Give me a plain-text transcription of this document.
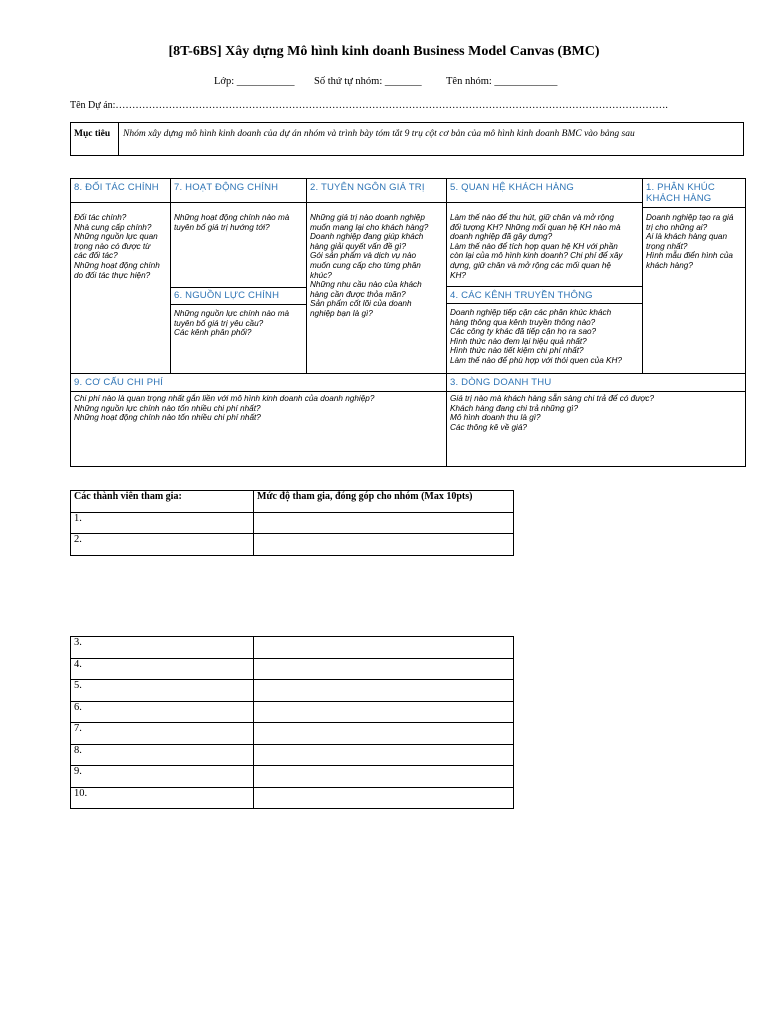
[8T-6BS] Xây dựng Mô hình kinh doanh Business Model Canvas (BMC)
Lớp: ___________ Số thứ tự nhóm: _______ Tên nhóm: ____________
Tên Dự án:………………………………………………………………………………………………………………………………………………….
Mục tiêu	Nhóm xây dựng mô hình kinh doanh của dự án nhóm và trình bày tóm tắt 9 trụ cột cơ bản của mô hình kinh doanh BMC vào bảng sau
8. ĐỐI TÁC CHÍNH
Đối tác chính?
Nhà cung cấp chính?
Những nguồn lực quan
trọng nào có được từ
các đối tác?
Những hoạt động chính
do đối tác thực hiện?
7. HOẠT ĐỘNG CHÍNH
Những hoạt động chính nào mà
tuyên bố giá trị hướng tới?
6. NGUỒN LỰC CHÍNH
Những nguồn lực chính nào mà
tuyên bố giá trị yêu cầu?
Các kênh phân phối?
2. TUYÊN NGÔN GIÁ TRỊ
Những giá trị nào doanh nghiệp
muốn mang lại cho khách hàng?
Doanh nghiệp đang giúp khách
hàng giải quyết vấn đề gì?
Gói sản phẩm và dịch vụ nào
muốn cung cấp cho từng phân
khúc?
Những nhu cầu nào của khách
hàng cần được thỏa mãn?
Sản phẩm cốt lõi của doanh
nghiệp bạn là gì?
5. QUAN HỆ KHÁCH HÀNG
Làm thế nào để thu hút, giữ chân và mở rộng
đối tượng KH? Những mối quan hệ KH nào mà
doanh nghiệp đã gây dựng?
Làm thế nào để tích hợp quan hệ KH với phần
còn lại của mô hình kinh doanh? Chi phí để xây
dựng, giữ chân và mở rộng các mối quan hệ
KH?
4. CÁC KÊNH TRUYỀN THÔNG
Doanh nghiệp tiếp cận các phân khúc khách
hàng thông qua kênh truyền thông nào?
Các công ty khác đã tiếp cận họ ra sao?
Hình thức nào đem lại hiệu quả nhất?
Hình thức nào tiết kiệm chi phí nhất?
Làm thế nào để phù hợp với thói quen của KH?
1. PHÂN KHÚC
KHÁCH HÀNG
Doanh nghiệp tạo ra giá
trị cho những ai?
Ai là khách hàng quan
trọng nhất?
Hình mẫu điển hình của
khách hàng?
9. CƠ CẤU CHI PHÍ
Chi phí nào là quan trọng nhất gắn liền với mô hình kinh doanh của doanh nghiệp?
Những nguồn lực chính nào tốn nhiều chi phí nhất?
Những hoạt động chính nào tốn nhiều chi phí nhất?
3. DÒNG DOANH THU
Giá trị nào mà khách hàng sẵn sàng chi trả để có được?
Khách hàng đang chi trả những gì?
Mô hình doanh thu là gì?
Các thông kê về giá?
Các thành viên tham gia:	Mức độ tham gia, đóng góp cho nhóm (Max 10pts)
1.	
2.	
3.	
4.	
5.	
6.	
7.	
8.	
9.	
10.	
